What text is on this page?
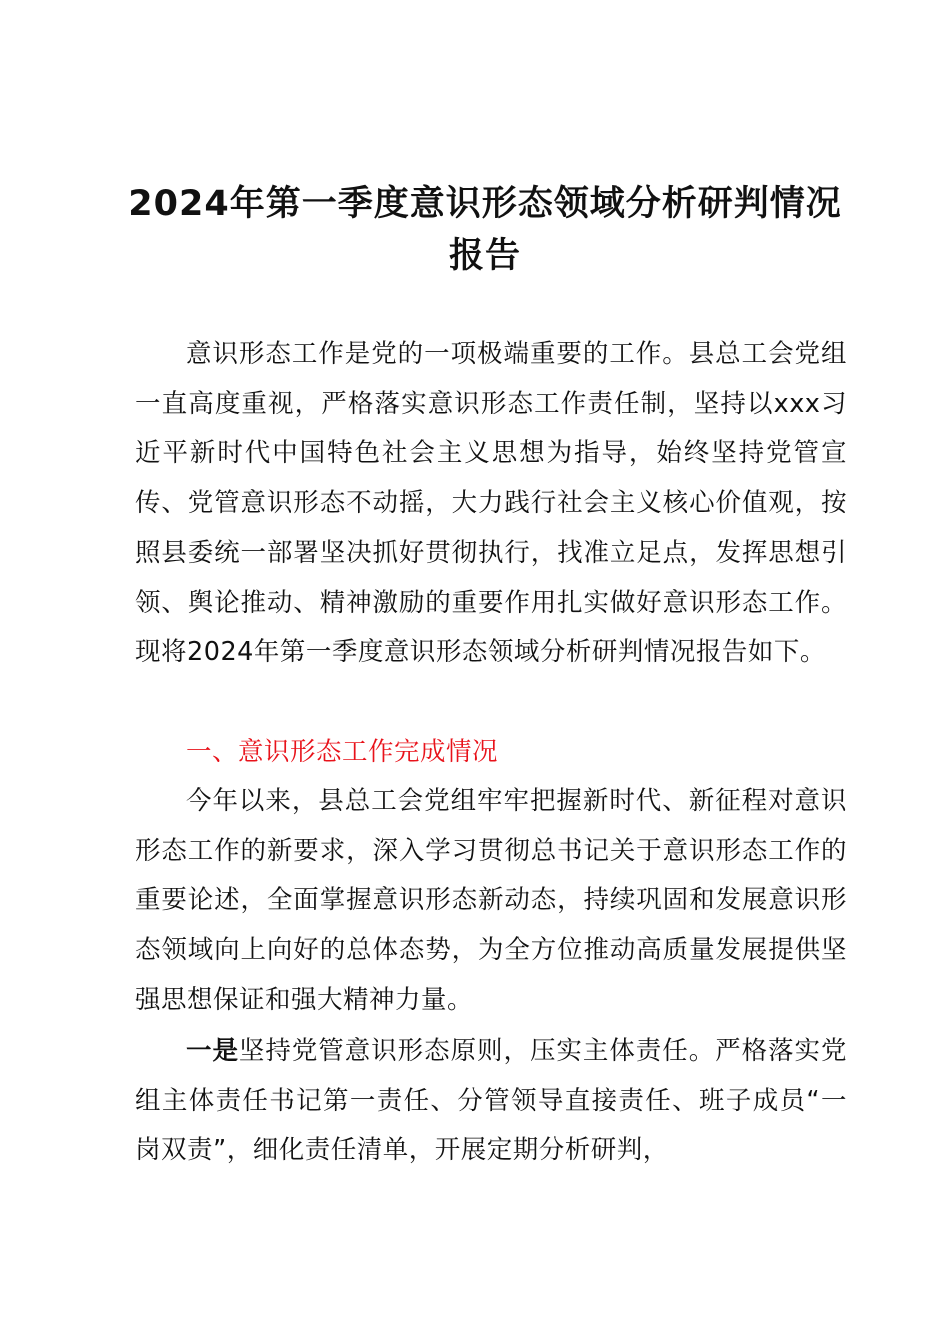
2024年第一季度意识形态领域分析研判情况报告

意识形态工作是党的一项极端重要的工作。县总工会党组一直高度重视，严格落实意识形态工作责任制，坚持以xxx习近平新时代中国特色社会主义思想为指导，始终坚持党管宣传、党管意识形态不动摇，大力践行社会主义核心价值观，按照县委统一部署坚决抓好贯彻执行，找准立足点，发挥思想引领、舆论推动、精神激励的重要作用扎实做好意识形态工作。现将2024年第一季度意识形态领域分析研判情况报告如下。

一、意识形态工作完成情况

今年以来，县总工会党组牢牢把握新时代、新征程对意识形态工作的新要求，深入学习贯彻总书记关于意识形态工作的重要论述，全面掌握意识形态新动态，持续巩固和发展意识形态领域向上向好的总体态势，为全方位推动高质量发展提供坚强思想保证和强大精神力量。

一是坚持党管意识形态原则，压实主体责任。严格落实党组主体责任书记第一责任、分管领导直接责任、班子成员“一岗双责”，细化责任清单，开展定期分析研判，
